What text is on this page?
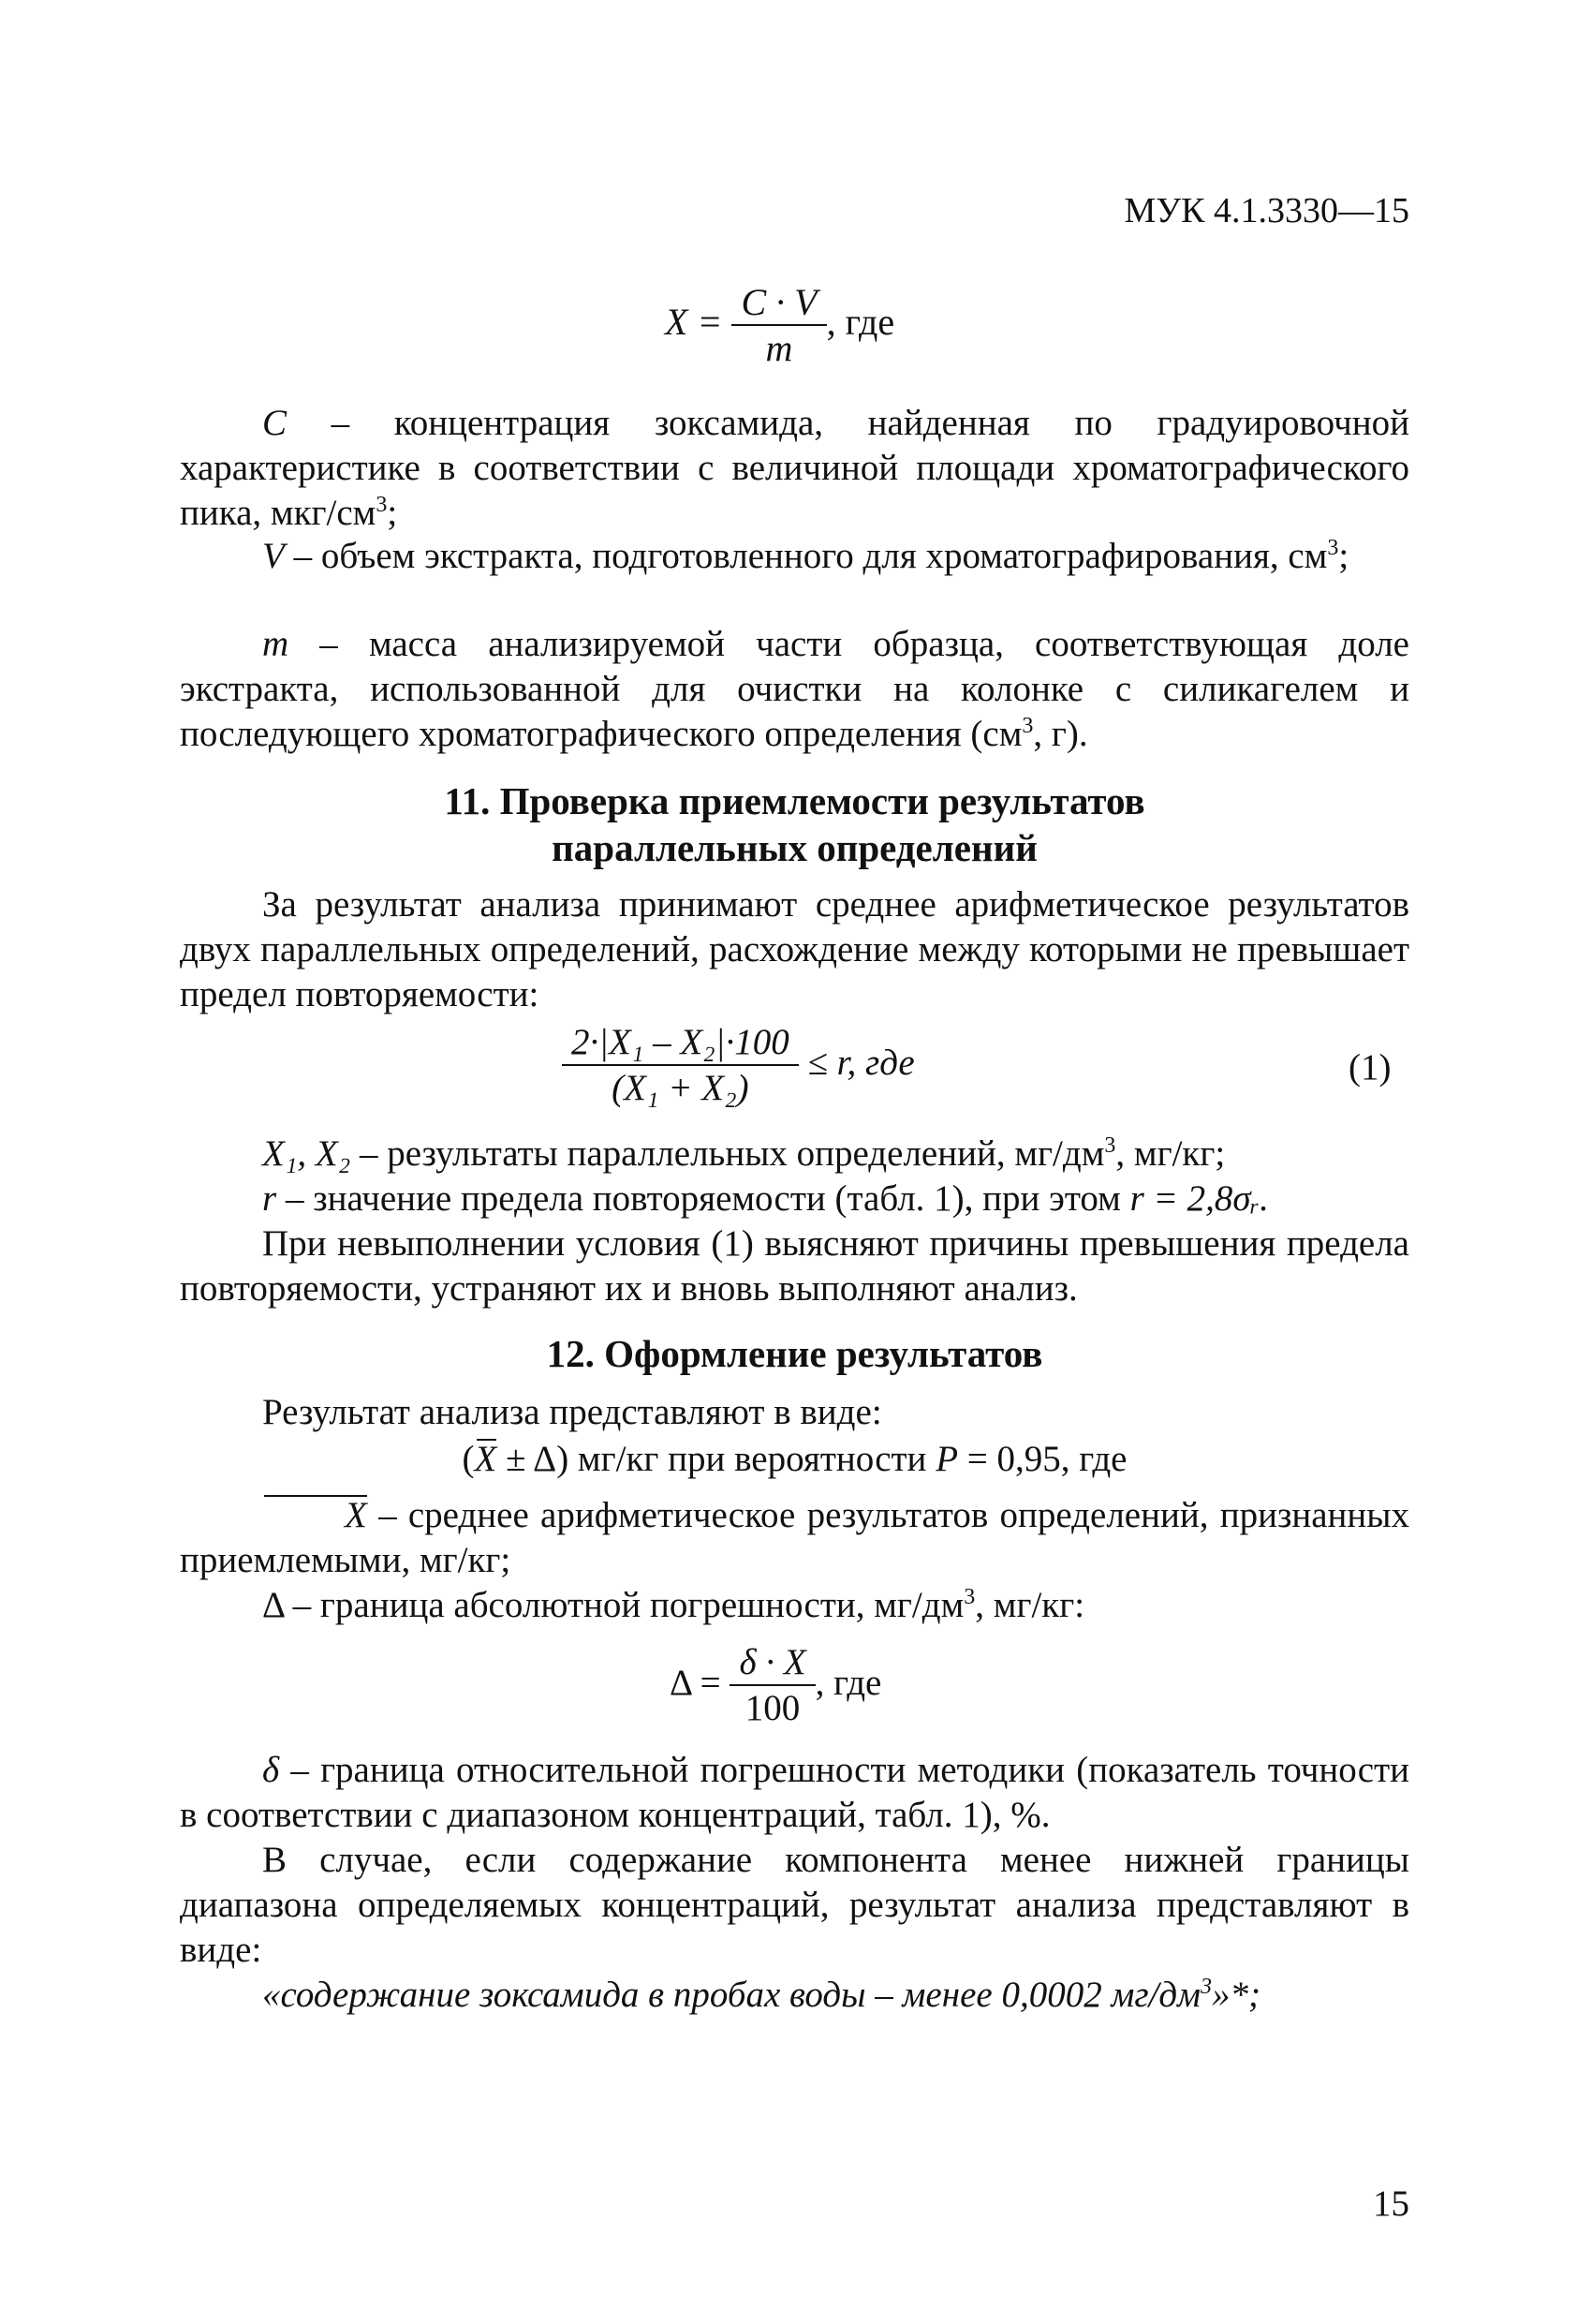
МУК 4.1.3330—15
$X = \frac{C \cdot V}{m}$ , где

C – концентрация зоксамида, найденная по градуировочной характеристике в соответствии с величиной площади хроматографического пика, мкг/$см^3$;

V – объем экстракта, подготовленного для хроматографирования, $см^3$;

m – масса анализируемой части образца, соответствующая доле экстракта, использованной для очистки на колонке с силикагелем и последующего хроматографического определения ($см^3$, г).

11. Проверка приемлемости результатов
параллельных определений

За результат анализа принимают среднее арифметическое результатов двух параллельных определений, расхождение между которыми не превышает предел повторяемости:

$\frac{\text{2·|X₁ – X₂|·100}}{\text{(X₁ + X₂)}} \le r$, где	(1)

X₁, X₂ – результаты параллельных определений, $мг/дм^3$, мг/кг;

r – значение предела повторяемости (табл. 1), при этом r = 2,8σᵣ.

При невыполнении условия (1) выясняют причины превышения предела повторяемости, устраняют их и вновь выполняют анализ.

12. Оформление результатов

Результат анализа представляют в виде:

(X ± Δ) мг/кг при вероятности P = 0,95, где

X – среднее арифметическое результатов определений, признанных приемлемыми, мг/кг;

Δ – граница абсолютной погрешности, $мг/дм^3$, мг/кг:

$\Delta = \frac{\delta \cdot X}{100}$ , где

δ – граница относительной погрешности методики (показатель точности в соответствии с диапазоном концентраций, табл. 1), %.

В случае, если содержание компонента менее нижней границы диапазона определяемых концентраций, результат анализа представляют в виде:

«содержание зоксамида в пробах воды – менее 0,0002 $мг/дм^3»*$;

15
